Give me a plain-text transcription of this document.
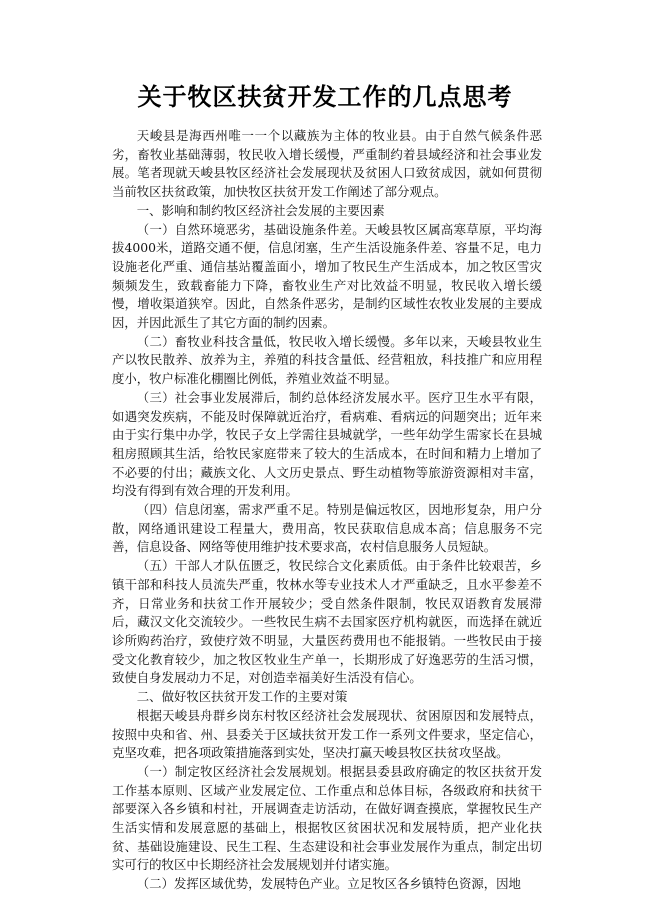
关于牧区扶贫开发工作的几点思考

天峻县是海西州唯一一个以藏族为主体的牧业县。由于自然气候条件恶劣，畜牧业基础薄弱，牧民收入增长缓慢，严重制约着县域经济和社会事业发展。笔者现就天峻县牧区经济社会发展现状及贫困人口致贫成因，就如何贯彻当前牧区扶贫政策，加快牧区扶贫开发工作阐述了部分观点。

一、影响和制约牧区经济社会发展的主要因素

（一）自然环境恶劣，基础设施条件差。天峻县牧区属高寒草原，平均海拔4000米，道路交通不便，信息闭塞，生产生活设施条件差、容量不足，电力设施老化严重、通信基站覆盖面小，增加了牧民生产生活成本，加之牧区雪灾频频发生，致载畜能力下降，畜牧业生产对比效益不明显，牧民收入增长缓慢，增收渠道狭窄。因此，自然条件恶劣，是制约区域性农牧业发展的主要成因，并因此派生了其它方面的制约因素。

（二）畜牧业科技含量低，牧民收入增长缓慢。多年以来，天峻县牧业生产以牧民散养、放养为主，养殖的科技含量低、经营粗放，科技推广和应用程度小，牧户标准化棚圈比例低，养殖业效益不明显。

（三）社会事业发展滞后，制约总体经济发展水平。医疗卫生水平有限，如遇突发疾病，不能及时保障就近治疗，看病难、看病远的问题突出；近年来由于实行集中办学，牧民子女上学需往县城就学，一些年幼学生需家长在县城租房照顾其生活，给牧民家庭带来了较大的生活成本，在时间和精力上增加了不必要的付出；藏族文化、人文历史景点、野生动植物等旅游资源相对丰富，均没有得到有效合理的开发利用。

（四）信息闭塞，需求严重不足。特别是偏远牧区，因地形复杂，用户分散，网络通讯建设工程量大，费用高，牧民获取信息成本高；信息服务不完善，信息设备、网络等使用维护技术要求高，农村信息服务人员短缺。

（五）干部人才队伍匮乏，牧民综合文化素质低。由于条件比较艰苦，乡镇干部和科技人员流失严重，牧林水等专业技术人才严重缺乏，且水平参差不齐，日常业务和扶贫工作开展较少；受自然条件限制，牧民双语教育发展滞后，藏汉文化交流较少。一些牧民生病不去国家医疗机构就医，而选择在就近诊所购药治疗，致使疗效不明显，大量医药费用也不能报销。一些牧民由于接受文化教育较少，加之牧区牧业生产单一，长期形成了好逸恶劳的生活习惯，致使自身发展动力不足，对创造幸福美好生活没有信心。

二、做好牧区扶贫开发工作的主要对策

根据天峻县舟群乡岗东村牧区经济社会发展现状、贫困原因和发展特点，按照中央和省、州、县委关于区域扶贫开发工作一系列文件要求，坚定信心，克坚攻难，把各项政策措施落到实处，坚决打赢天峻县牧区扶贫攻坚战。

（一）制定牧区经济社会发展规划。根据县委县政府确定的牧区扶贫开发工作基本原则、区域产业发展定位、工作重点和总体目标，各级政府和扶贫干部要深入各乡镇和村社，开展调查走访活动，在做好调查摸底，掌握牧民生产生活实情和发展意愿的基础上，根据牧区贫困状况和发展特质，把产业化扶贫、基础设施建设、民生工程、生态建设和社会事业发展作为重点，制定出切实可行的牧区中长期经济社会发展规划并付诸实施。

（二）发挥区域优势，发展特色产业。立足牧区各乡镇特色资源，因地
